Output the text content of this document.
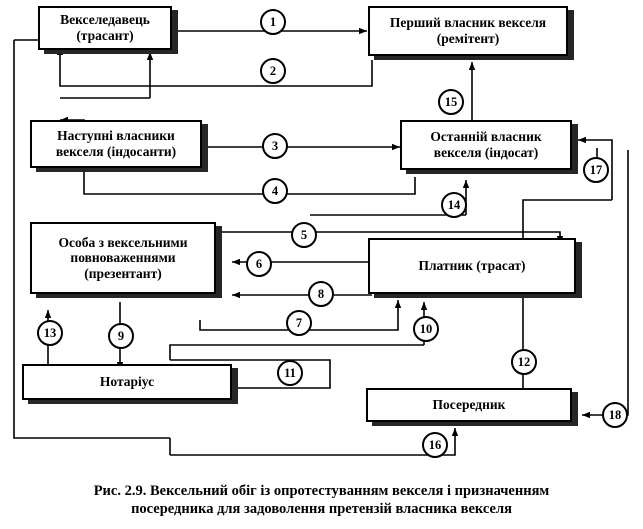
Векселедавець (трасант)
Перший власник векселя (ремітент)
Наступні власники векселя (індосанти)
Останній власник векселя (індосат)
Особа з вексельними повноваженнями (презентант)
Платник (трасат)
Нотаріус
Посередник
1
2
3
4
5
6
7
8
9	10
11
12
13
14
15
16
17
18
Рис. 2.9. Вексельний обіг із опротестуванням векселя і призначенням
посередника для задоволення претензій власника векселя
